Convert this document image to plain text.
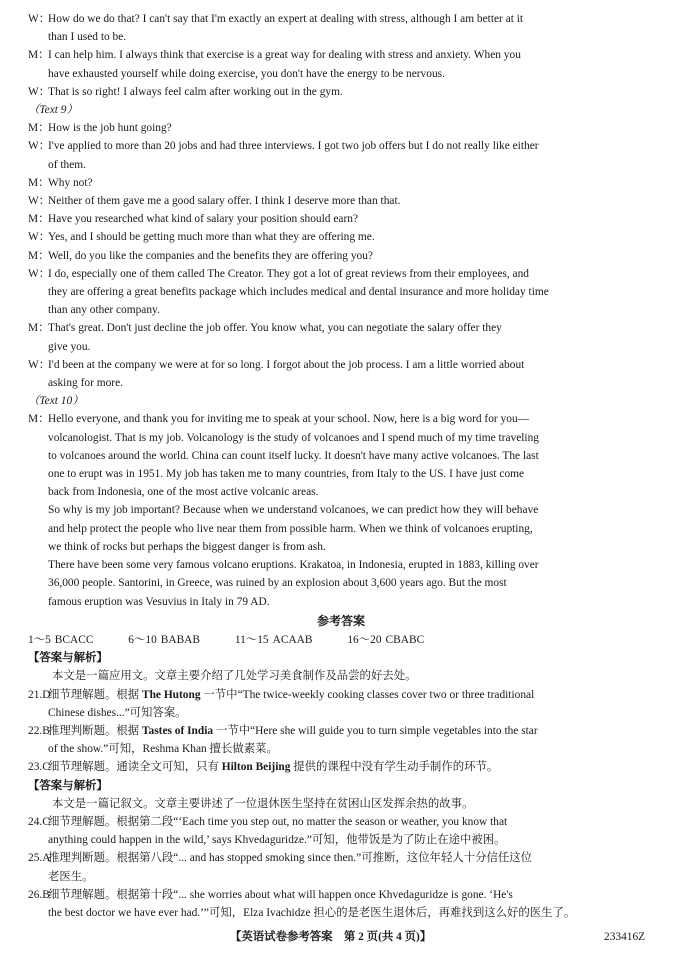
W：
How do we do that? I can't say that I'm exactly an expert at dealing with stress, although I am better at it
than I used to be.
M：
I can help him. I always think that exercise is a great way for dealing with stress and anxiety. When you
have exhausted yourself while doing exercise, you don't have the energy to be nervous.
W：
That is so right! I always feel calm after working out in the gym.
（Text 9）
M：
How is the job hunt going?
W：
I've applied to more than 20 jobs and had three interviews. I got two job offers but I do not really like either
of them.
M：
Why not?
W：
Neither of them gave me a good salary offer. I think I deserve more than that.
M：
Have you researched what kind of salary your position should earn?
W：
Yes, and I should be getting much more than what they are offering me.
M：
Well, do you like the companies and the benefits they are offering you?
W：
I do, especially one of them called The Creator. They got a lot of great reviews from their employees, and
they are offering a great benefits package which includes medical and dental insurance and more holiday time
than any other company.
M：
That's great. Don't just decline the job offer. You know what, you can negotiate the salary offer they
give you.
W：
I'd been at the company we were at for so long. I forgot about the job process. I am a little worried about
asking for more.
（Text 10）
M：
Hello everyone, and thank you for inviting me to speak at your school. Now, here is a big word for you—
volcanologist. That is my job. Volcanology is the study of volcanoes and I spend much of my time traveling
to volcanoes around the world. China can count itself lucky. It doesn't have many active volcanoes. The last
one to erupt was in 1951. My job has taken me to many countries, from Italy to the US. I have just come
back from Indonesia, one of the most active volcanic areas.
So why is my job important? Because when we understand volcanoes, we can predict how they will behave
and help protect the people who live near them from possible harm. When we think of volcanoes erupting,
we think of rocks but perhaps the biggest danger is from ash.
There have been some very famous volcano eruptions. Krakatoa, in Indonesia, erupted in 1883, killing over
36,000 people. Santorini, in Greece, was ruined by an explosion about 3,600 years ago. But the most
famous eruption was Vesuvius in Italy in 79 AD.
参考答案
1～5 BCACC	6～10 BABAB	11～15 ACAAB	16～20 CBABC
【答案与解析】
本文是一篇应用文。文章主要介绍了几处学习美食制作及品尝的好去处。
21.D
细节理解题。根据 The Hutong 一节中“The twice-weekly cooking classes cover two or three traditional
Chinese dishes...”可知答案。
22.B
推理判断题。根据 Tastes of India 一节中“Here she will guide you to turn simple vegetables into the star
of the show.”可知，Reshma Khan 擅长做素菜。
23.C
细节理解题。通读全文可知，只有 Hilton Beijing 提供的课程中没有学生动手制作的环节。
【答案与解析】
本文是一篇记叙文。文章主要讲述了一位退休医生坚持在贫困山区发挥余热的故事。
24.C
细节理解题。根据第二段“‘Each time you step out, no matter the season or weather, you know that
anything could happen in the wild,’ says Khvedaguridze.”可知，他带饭是为了防止在途中被困。
25.A
推理判断题。根据第八段“... and has stopped smoking since then.”可推断，这位年轻人十分信任这位
老医生。
26.B
细节理解题。根据第十段“... she worries about what will happen once Khvedaguridze is gone. ‘He's
the best doctor we have ever had.’”可知，Elza Ivachidze 担心的是老医生退休后，再难找到这么好的医生了。
【英语试卷参考答案　第 2 页(共 4 页)】	233416Z
